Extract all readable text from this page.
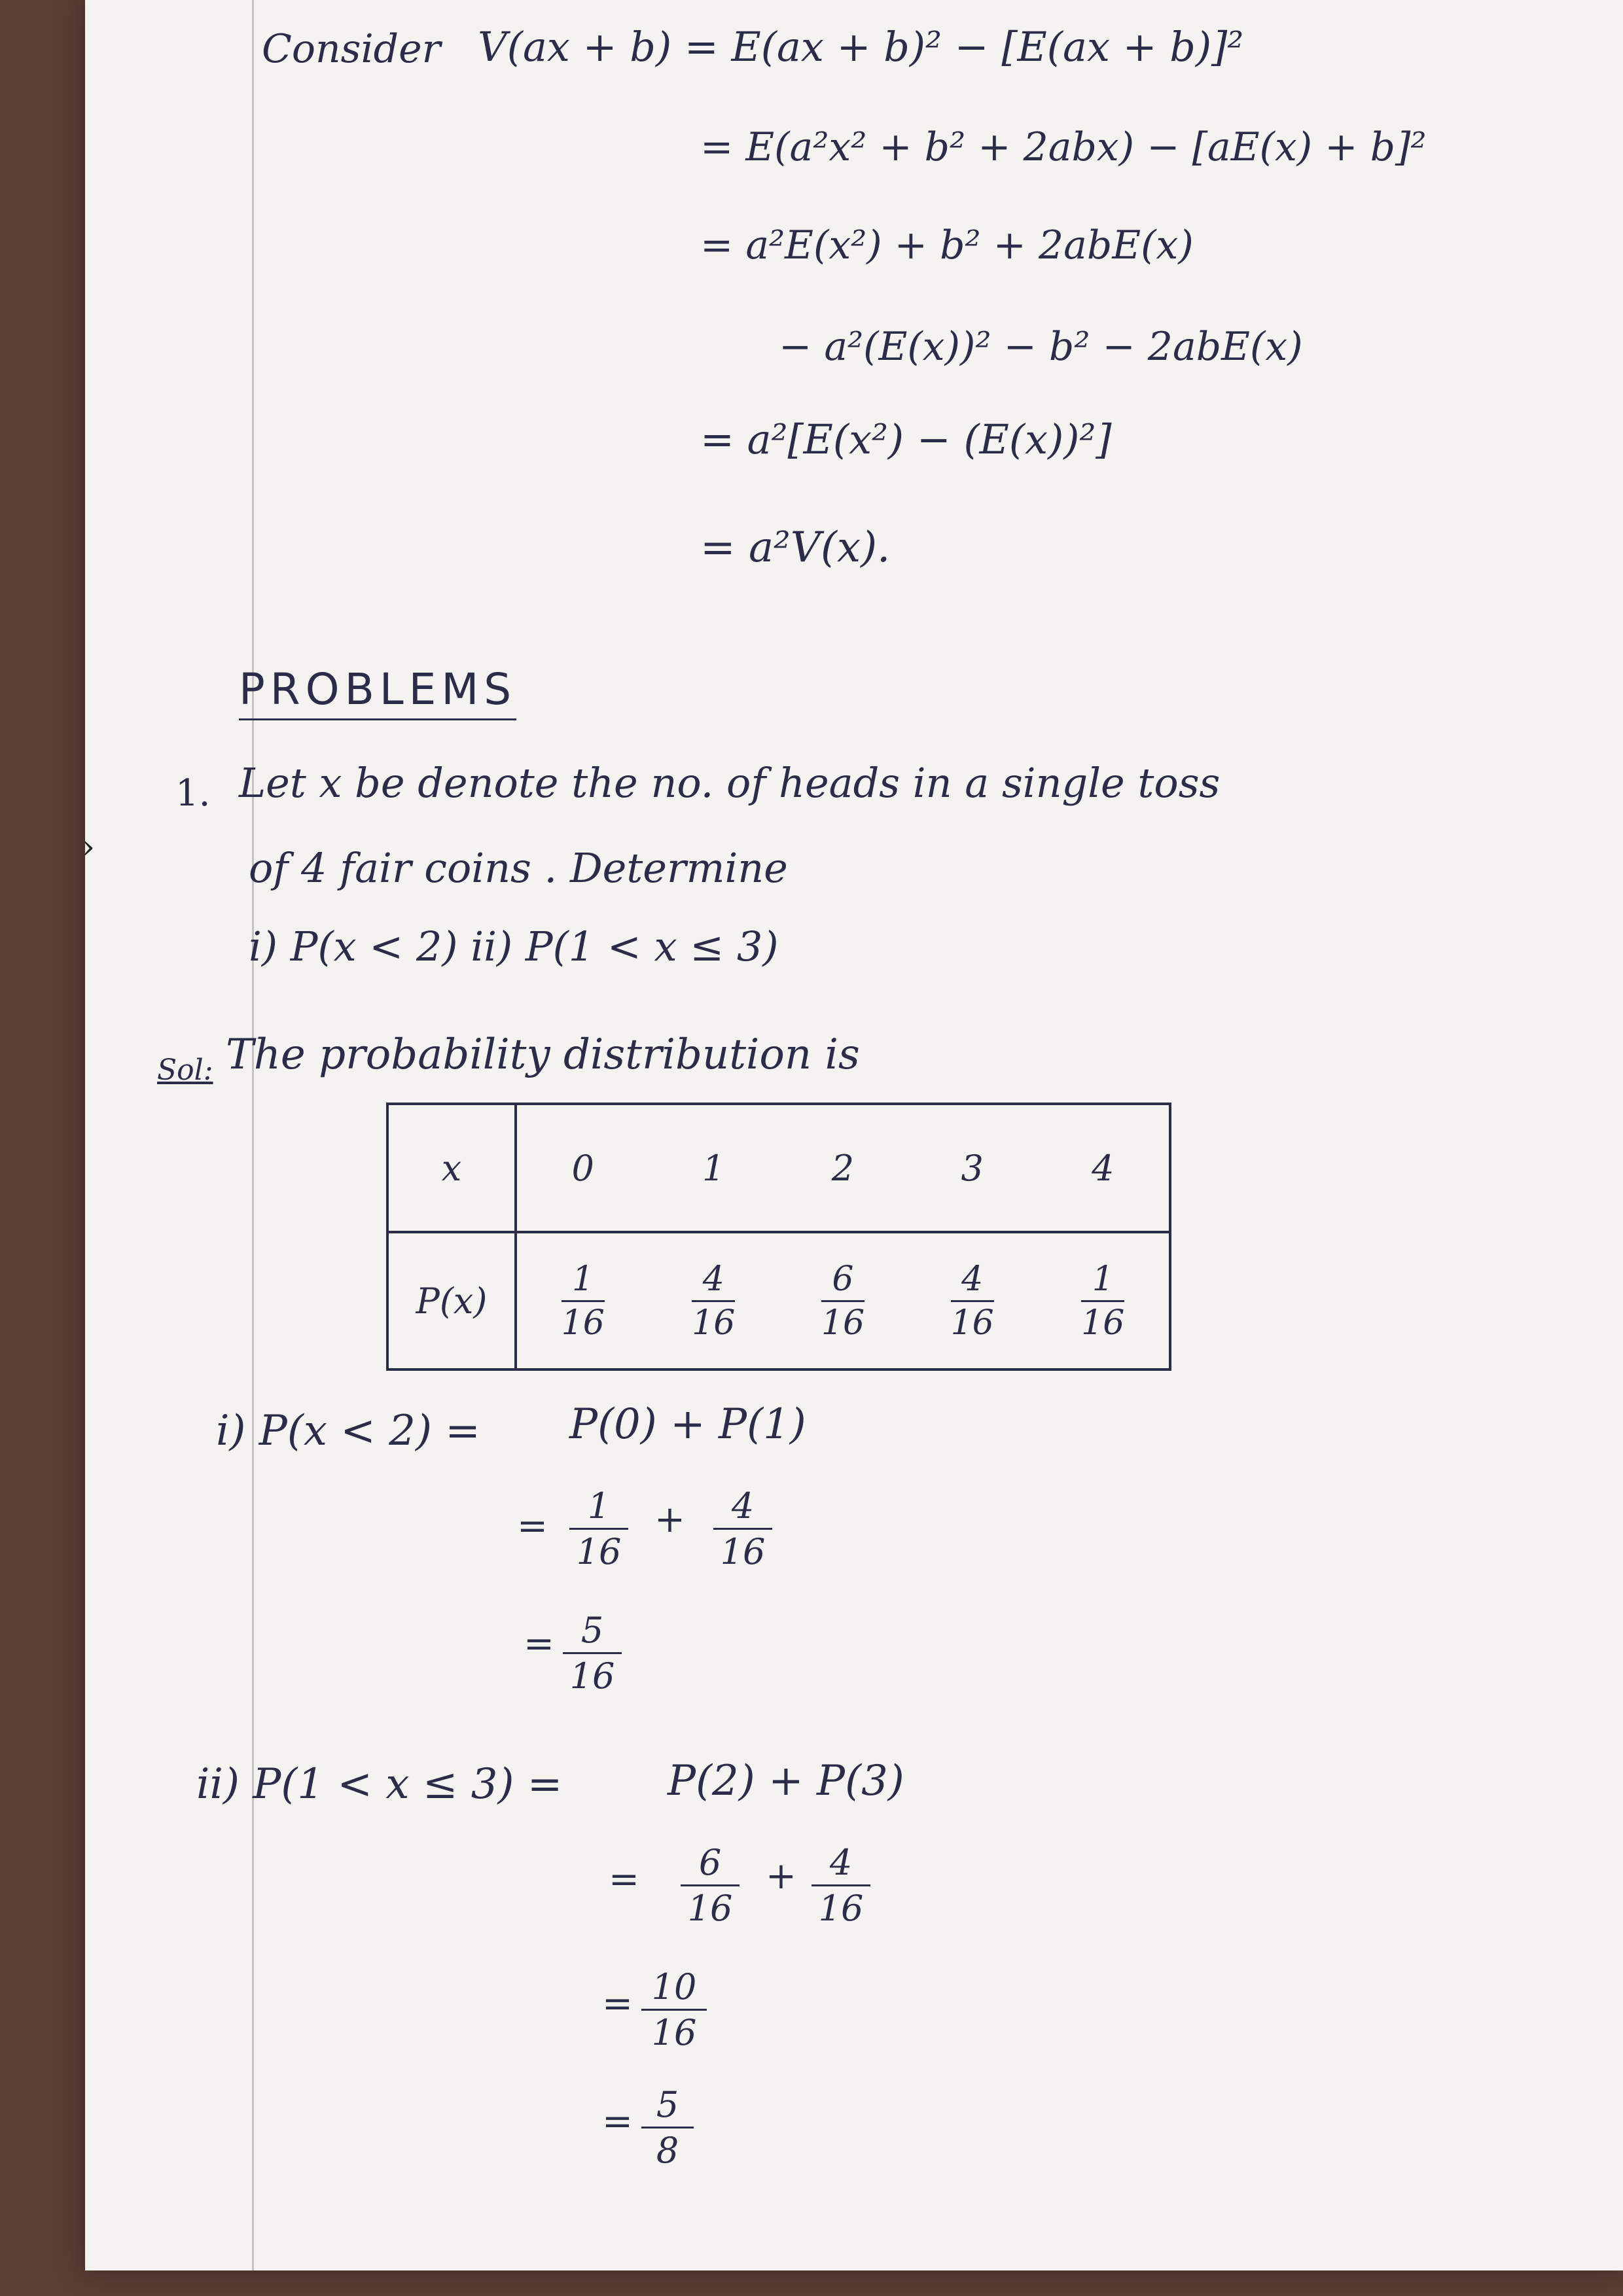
Consider V(ax + b) = E(ax + b)² − [E(ax + b)]²
= E(a²x² + b² + 2abx) − [aE(x) + b]²
= a²E(x²) + b² + 2abE(x)
− a²(E(x))² − b² − 2abE(x)
= a²[E(x²) − (E(x))²]
= a²V(x).
PROBLEMS
1. Let x be denote the no. of heads in a single toss
of 4 fair coins . Determine
i) P(x < 2) ii) P(1 < x ≤ 3)
Sol: The probability distribution is
x	0	1	2	3	4
P(x)	$\frac{1}{16}$	$\frac{4}{16}$	$\frac{6}{16}$	$\frac{4}{16}$	$\frac{1}{16}$
i) P(x < 2) = P(0) + P(1)
=	1
16
+	4
16
= 5
16
ii) P(1 < x ≤ 3) =	P(2) + P(3)
=	6
16
+ 4
16
= 10
16
= 5
8
›
